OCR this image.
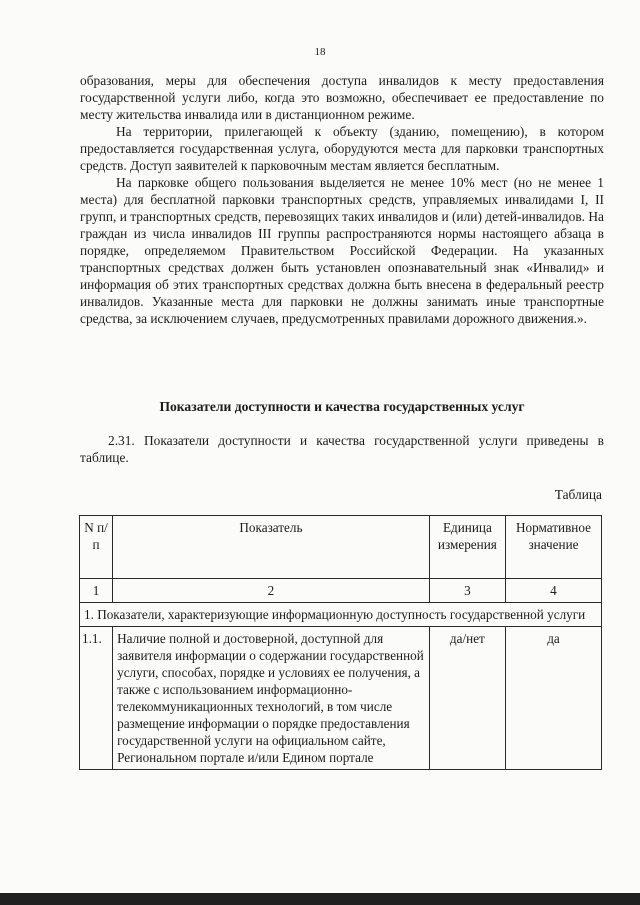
18

образования, меры для обеспечения доступа инвалидов к месту предоставления государственной услуги либо, когда это возможно, обеспечивает ее предоставление по месту жительства инвалида или в дистанционном режиме.

На территории, прилегающей к объекту (зданию, помещению), в котором предоставляется государственная услуга, оборудуются места для парковки транспортных средств. Доступ заявителей к парковочным местам является бесплатным.

На парковке общего пользования выделяется не менее 10% мест (но не менее 1 места) для бесплатной парковки транспортных средств, управляемых инвалидами I, II групп, и транспортных средств, перевозящих таких инвалидов и (или) детей-инвалидов. На граждан из числа инвалидов III группы распространяются нормы настоящего абзаца в порядке, определяемом Правительством Российской Федерации. На указанных транспортных средствах должен быть установлен опознавательный знак «Инвалид» и информация об этих транспортных средствах должна быть внесена в федеральный реестр инвалидов. Указанные места для парковки не должны занимать иные транспортные средства, за исключением случаев, предусмотренных правилами дорожного движения.».

Показатели доступности и качества государственных услуг

2.31. Показатели доступности и качества государственной услуги приведены в таблице.

Таблица
N п/п	Показатель	Единица измерения	Нормативное значение
1	2	3	4
1. Показатели, характеризующие информационную доступность государственной услуги			
1.1.	Наличие полной и достоверной, доступной для заявителя информации о содержании государственной услуги, способах, порядке и условиях ее получения, а также с использованием информационно-телекоммуникационных технологий, в том числе размещение информации о порядке предоставления государственной услуги на официальном сайте, Региональном портале и/или Едином портале	да/нет	да
